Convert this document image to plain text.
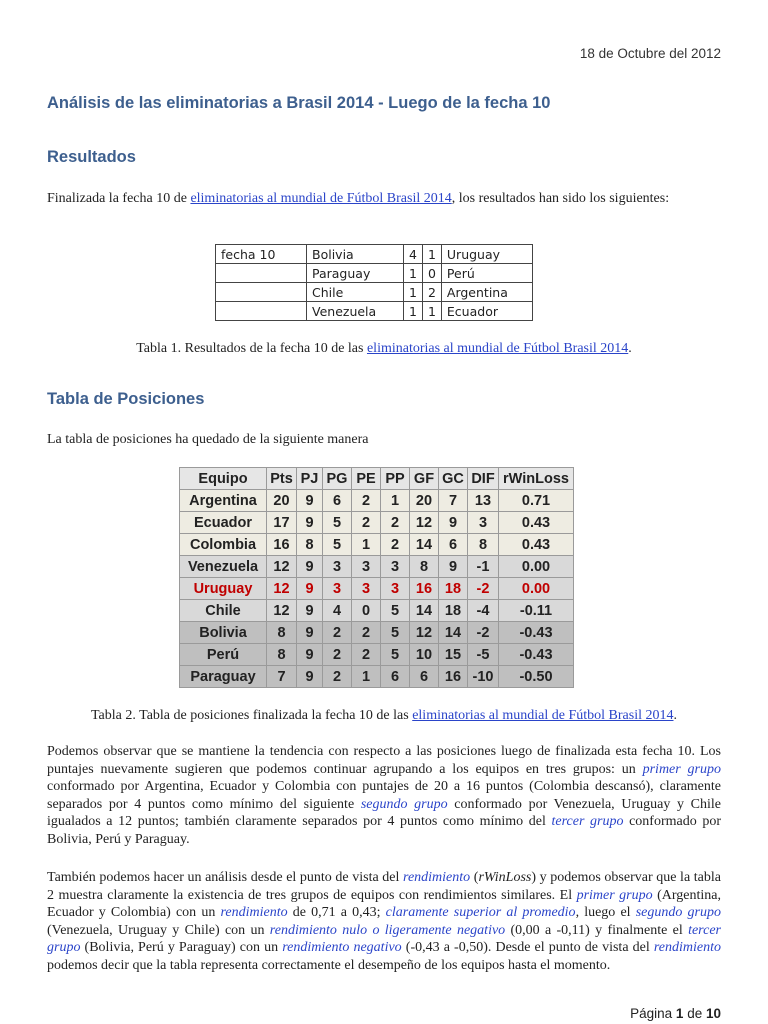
18 de Octubre del 2012
Análisis de las eliminatorias a Brasil 2014 - Luego de la fecha 10
Resultados
Finalizada la fecha 10 de eliminatorias al mundial de Fútbol Brasil 2014, los resultados han sido los siguientes:
fecha 10	Bolivia	4	1	Uruguay
	Paraguay	1	0	Perú
	Chile	1	2	Argentina
	Venezuela	1	1	Ecuador
Tabla 1. Resultados de la fecha 10 de las eliminatorias al mundial de Fútbol Brasil 2014.
Tabla de Posiciones
La tabla de posiciones ha quedado de la siguiente manera
Equipo	Pts	PJ	PG	PE	PP	GF	GC	DIF	rWinLoss
Argentina	20	9	6	2	1	20	7	13	0.71
Ecuador	17	9	5	2	2	12	9	3	0.43
Colombia	16	8	5	1	2	14	6	8	0.43
Venezuela	12	9	3	3	3	8	9	-1	0.00
Uruguay	12	9	3	3	3	16	18	-2	0.00
Chile	12	9	4	0	5	14	18	-4	-0.11
Bolivia	8	9	2	2	5	12	14	-2	-0.43
Perú	8	9	2	2	5	10	15	-5	-0.43
Paraguay	7	9	2	1	6	6	16	-10	-0.50
Tabla 2. Tabla de posiciones finalizada la fecha 10 de las eliminatorias al mundial de Fútbol Brasil 2014.
Podemos observar que se mantiene la tendencia con respecto a las posiciones luego de finalizada esta fecha 10. Los puntajes nuevamente sugieren que podemos continuar agrupando a los equipos en tres grupos: un primer grupo conformado por Argentina, Ecuador y Colombia con puntajes de 20 a 16 puntos (Colombia descansó), claramente separados por 4 puntos como mínimo del siguiente segundo grupo conformado por Venezuela, Uruguay y Chile igualados a 12 puntos; también claramente separados por 4 puntos como mínimo del tercer grupo conformado por Bolivia, Perú y Paraguay.
También podemos hacer un análisis desde el punto de vista del rendimiento (rWinLoss) y podemos observar que la tabla 2 muestra claramente la existencia de tres grupos de equipos con rendimientos similares. El primer grupo (Argentina, Ecuador y Colombia) con un rendimiento de 0,71 a 0,43; claramente superior al promedio, luego el segundo grupo (Venezuela, Uruguay y Chile) con un rendimiento nulo o ligeramente negativo (0,00 a -0,11) y finalmente el tercer grupo (Bolivia, Perú y Paraguay) con un rendimiento negativo (-0,43 a -0,50). Desde el punto de vista del rendimiento podemos decir que la tabla representa correctamente el desempeño de los equipos hasta el momento.
Página 1 de 10
